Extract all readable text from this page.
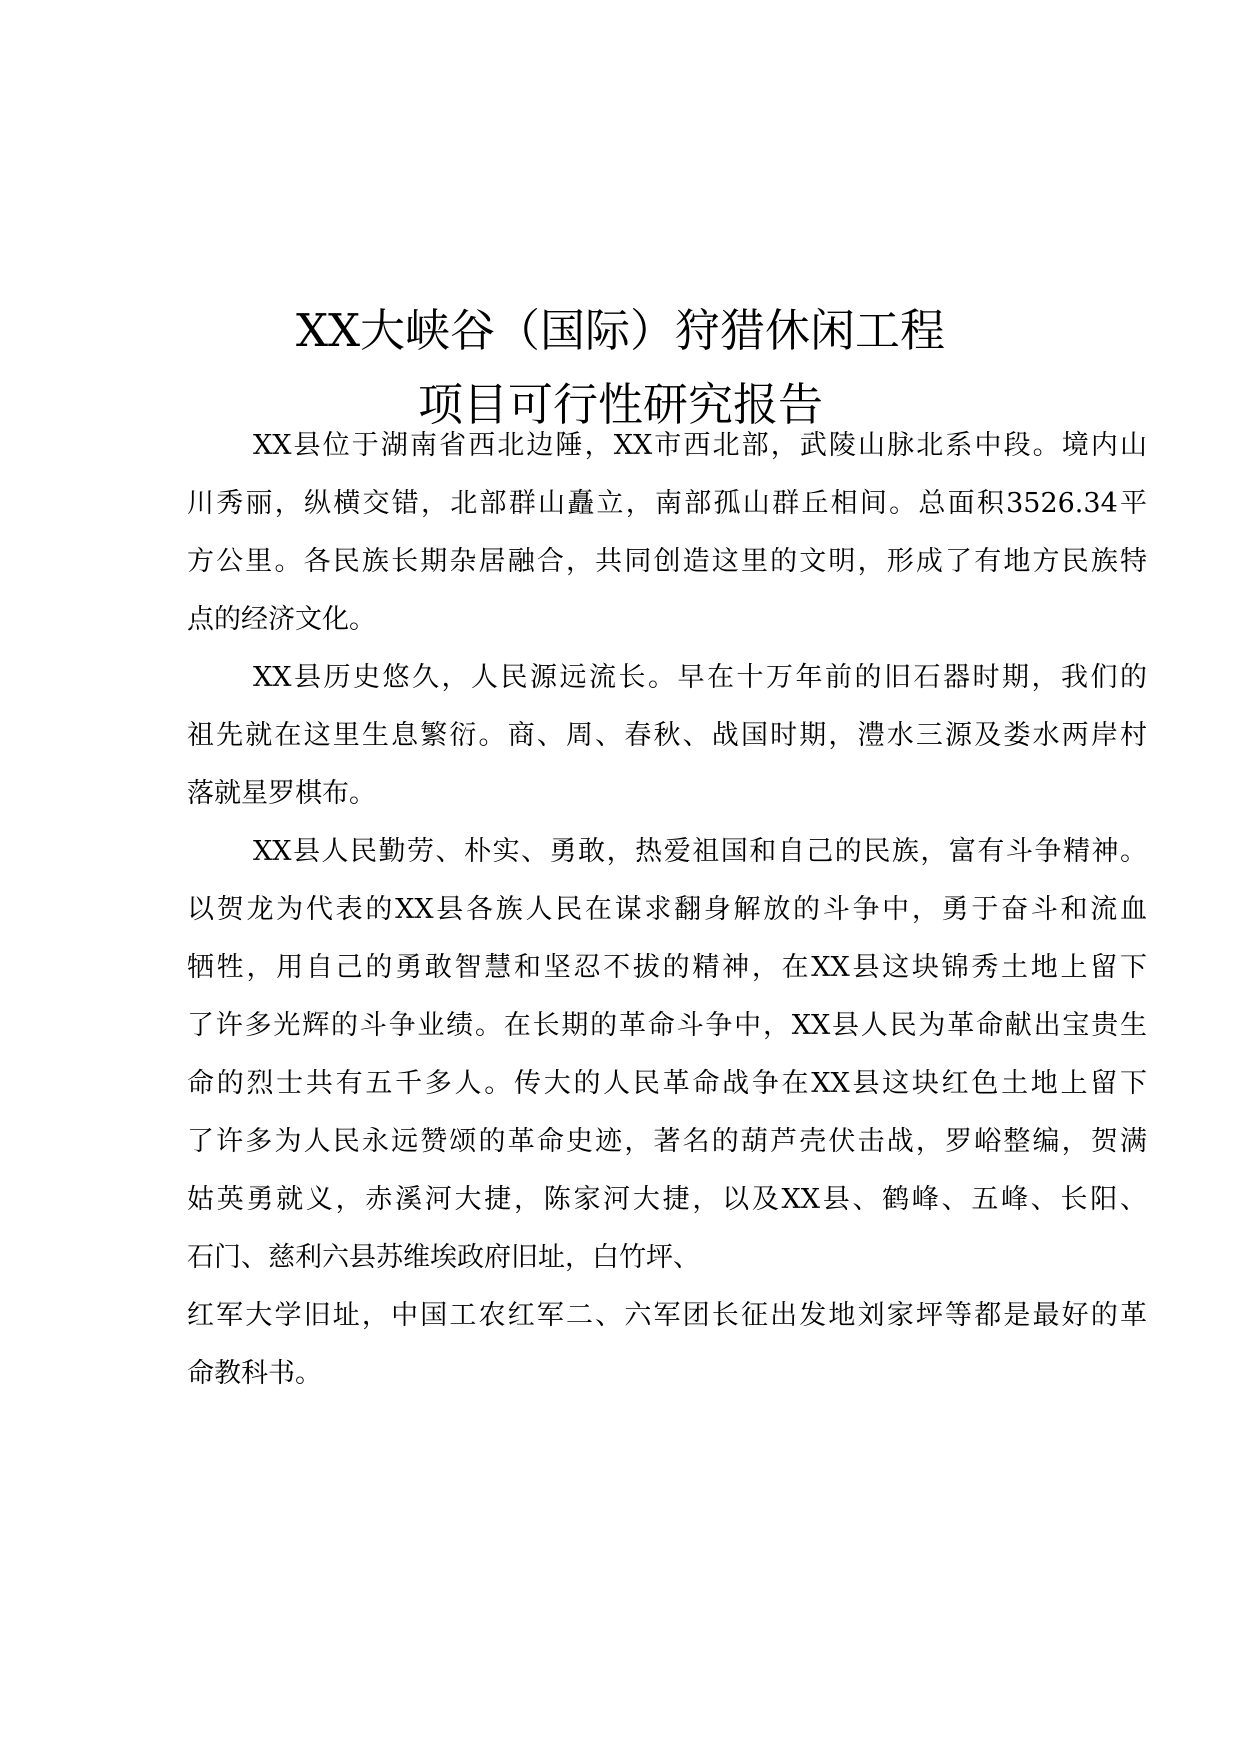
XX大峡谷（国际）狩猎休闲工程
项目可行性研究报告
XX县位于湖南省西北边陲，XX市西北部，武陵山脉北系中段。境内山
川秀丽，纵横交错，北部群山矗立，南部孤山群丘相间。总面积3526.34平
方公里。各民族长期杂居融合，共同创造这里的文明，形成了有地方民族特
点的经济文化。
XX县历史悠久，人民源远流长。早在十万年前的旧石器时期，我们的
祖先就在这里生息繁衍。商、周、春秋、战国时期，澧水三源及娄水两岸村
落就星罗棋布。
XX县人民勤劳、朴实、勇敢，热爱祖国和自己的民族，富有斗争精神。
以贺龙为代表的XX县各族人民在谋求翻身解放的斗争中，勇于奋斗和流血
牺牲，用自己的勇敢智慧和坚忍不拔的精神，在XX县这块锦秀土地上留下
了许多光辉的斗争业绩。在长期的革命斗争中，XX县人民为革命献出宝贵生
命的烈士共有五千多人。传大的人民革命战争在XX县这块红色土地上留下
了许多为人民永远赞颂的革命史迹，著名的葫芦壳伏击战，罗峪整编，贺满
姑英勇就义，赤溪河大捷，陈家河大捷，以及XX县、鹤峰、五峰、长阳、
石门、慈利六县苏维埃政府旧址，白竹坪、
红军大学旧址，中国工农红军二、六军团长征出发地刘家坪等都是最好的革
命教科书。
